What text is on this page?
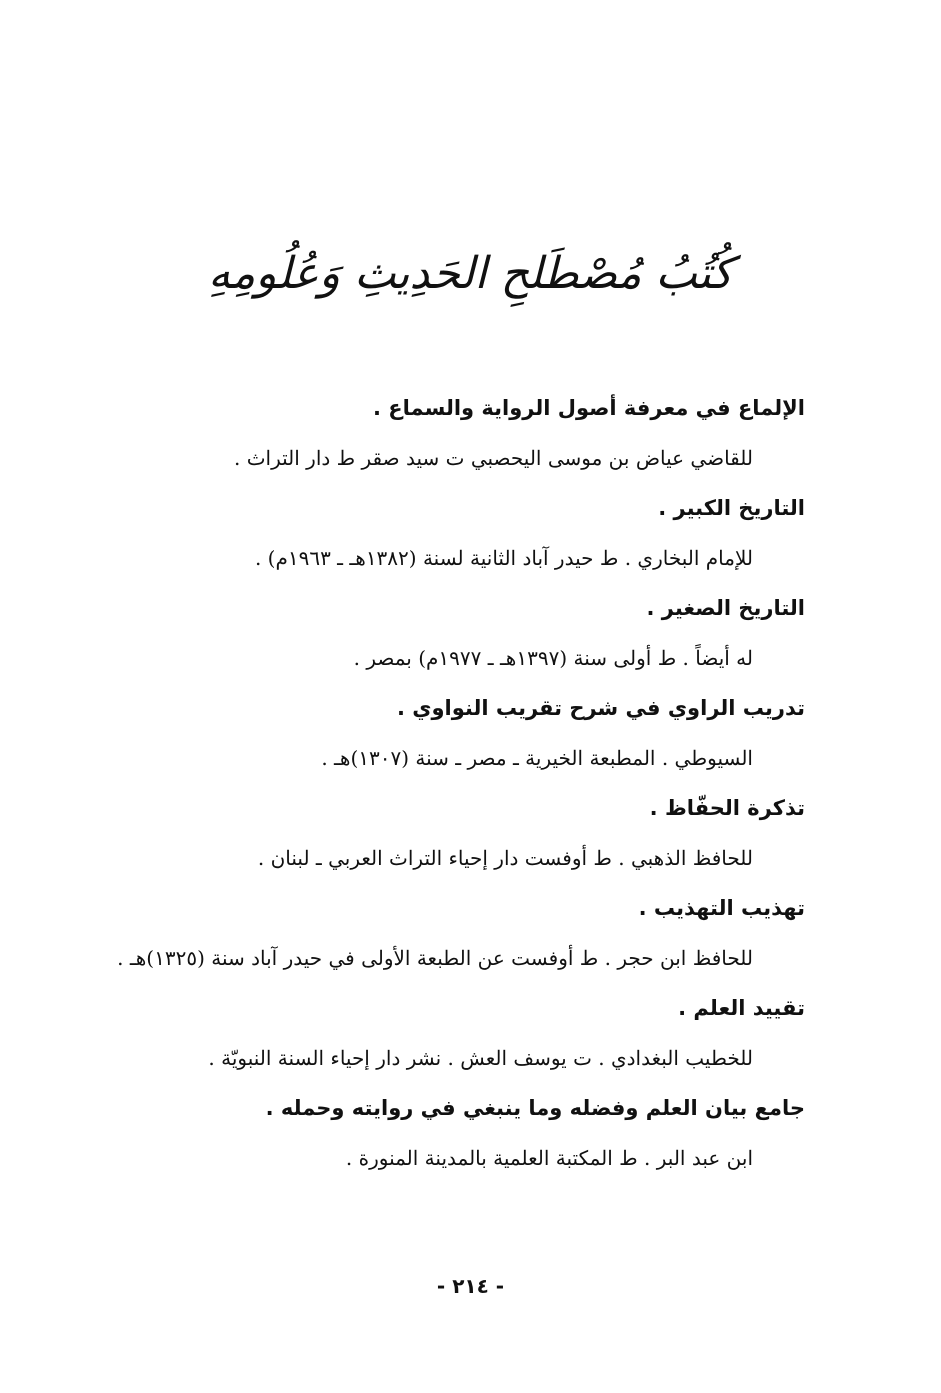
كُتُبُ مُصْطَلحِ الحَدِيثِ وَعُلُومِهِ
الإلماع في معرفة أصول الرواية والسماع .
للقاضي عياض بن موسى اليحصبي ت سيد صقر ط دار التراث .
التاريخ الكبير .
للإمام البخاري . ط حيدر آباد الثانية لسنة (١٣٨٢هـ ـ ١٩٦٣م) .
التاريخ الصغير .
له أيضاً . ط أولى سنة (١٣٩٧هـ ـ ١٩٧٧م) بمصر .
تدريب الراوي في شرح تقريب النواوي .
السيوطي . المطبعة الخيرية ـ مصر ـ سنة (١٣٠٧)هـ .
تذكرة الحفّاظ .
للحافظ الذهبي . ط أوفست دار إحياء التراث العربي ـ لبنان .
تهذيب التهذيب .
للحافظ ابن حجر . ط أوفست عن الطبعة الأولى في حيدر آباد سنة (١٣٢٥)هـ .
تقييد العلم .
للخطيب البغدادي . ت يوسف العش . نشر دار إحياء السنة النبويّة .
جامع بيان العلم وفضله وما ينبغي في روايته وحمله .
ابن عبد البر . ط المكتبة العلمية بالمدينة المنورة .
- ٢١٤ -
